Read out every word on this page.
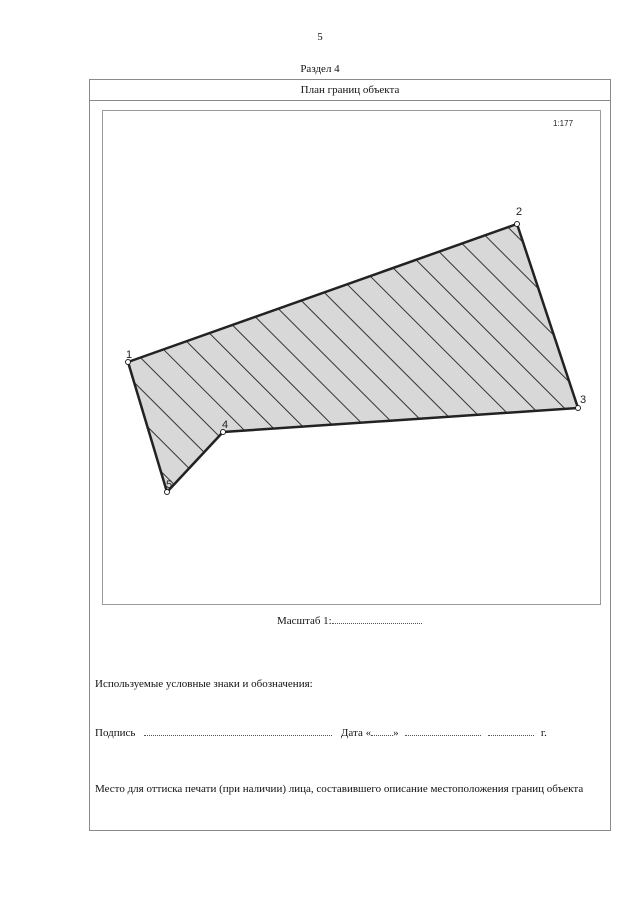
5
Раздел 4
План границ объекта
1:177
1
2
3
4
5
Масштаб 1:
Используемые условные знаки и обозначения:
Подпись	Дата « »	г.
Место для оттиска печати (при наличии) лица, составившего описание местоположения границ объекта
